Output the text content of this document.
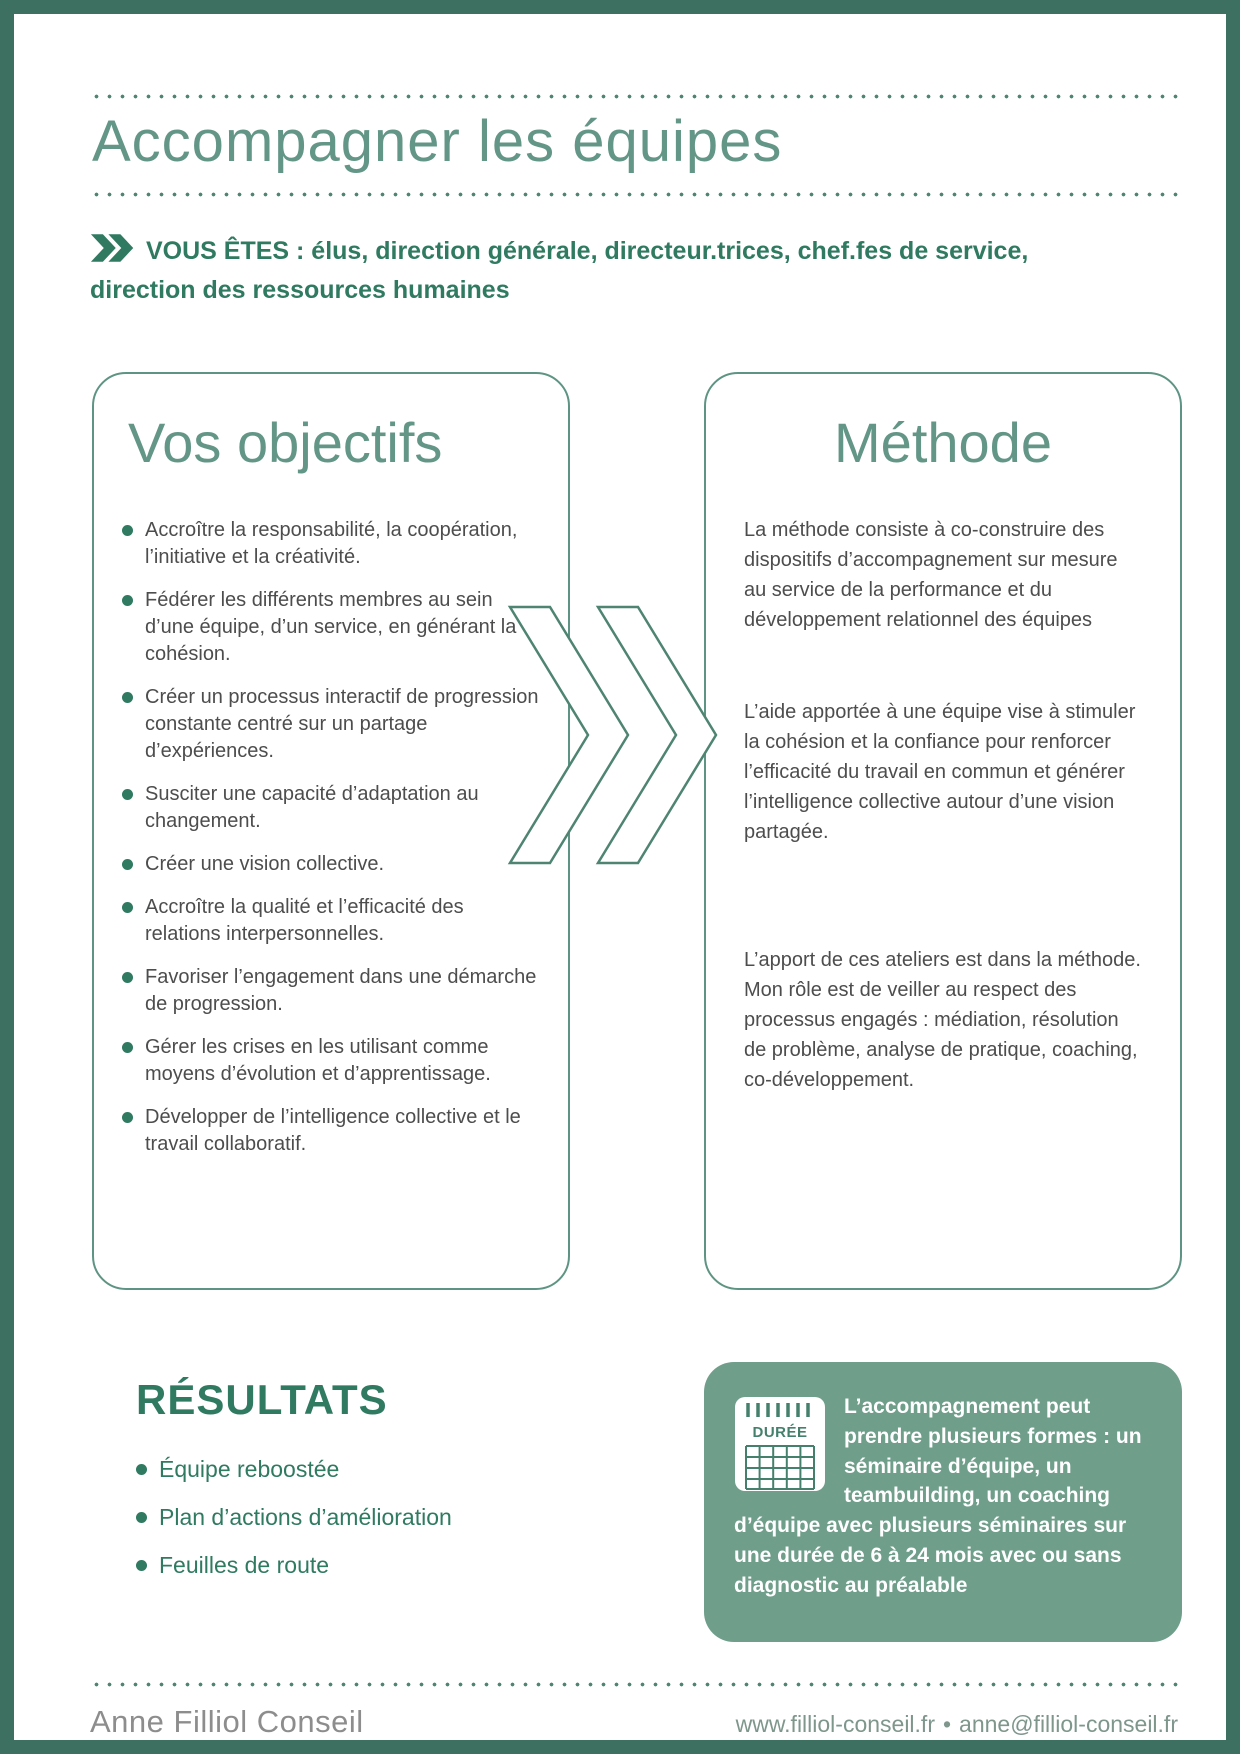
Accompagner les équipes

VOUS ÊTES : élus, direction générale, directeur.trices, chef.fes de service, direction des ressources humaines

Vos objectifs
Accroître la responsabilité, la coopération, l’initiative et la créativité.
Fédérer les différents membres au sein d’une équipe, d’un service, en générant la cohésion.
Créer un processus interactif de progression constante centré sur un partage d’expériences.
Susciter une capacité d’adaptation au changement.
Créer une vision collective.
Accroître la qualité et l’efficacité des relations interpersonnelles.
Favoriser l’engagement dans une démarche de progression.
Gérer les crises en les utilisant comme moyens d’évolution et d’apprentissage.
Développer de l’intelligence collective et le travail collaboratif.
Méthode

La méthode consiste à co-construire des dispositifs d’accompagnement sur mesure au service de la performance et du développement relationnel des équipes

L’aide apportée à une équipe vise à stimuler la cohésion et la confiance pour renforcer l’efficacité du travail en commun et générer l’intelligence collective autour d’une vision partagée.

L’apport de ces ateliers est dans la méthode. Mon rôle est de veiller au respect des processus engagés : médiation, résolution de problème, analyse de pratique, coaching, co-développement.

RÉSULTATS
Équipe reboostée
Plan d’actions d’amélioration
Feuilles de route
DURÉE

L’accompagnement peut prendre plusieurs formes : un séminaire d’équipe, un teambuilding, un coaching d’équipe avec plusieurs séminaires sur une durée de 6 à 24 mois avec ou sans diagnostic au préalable

Anne Filliol Conseil	www.filliol-conseil.fr • anne@filliol-conseil.fr
